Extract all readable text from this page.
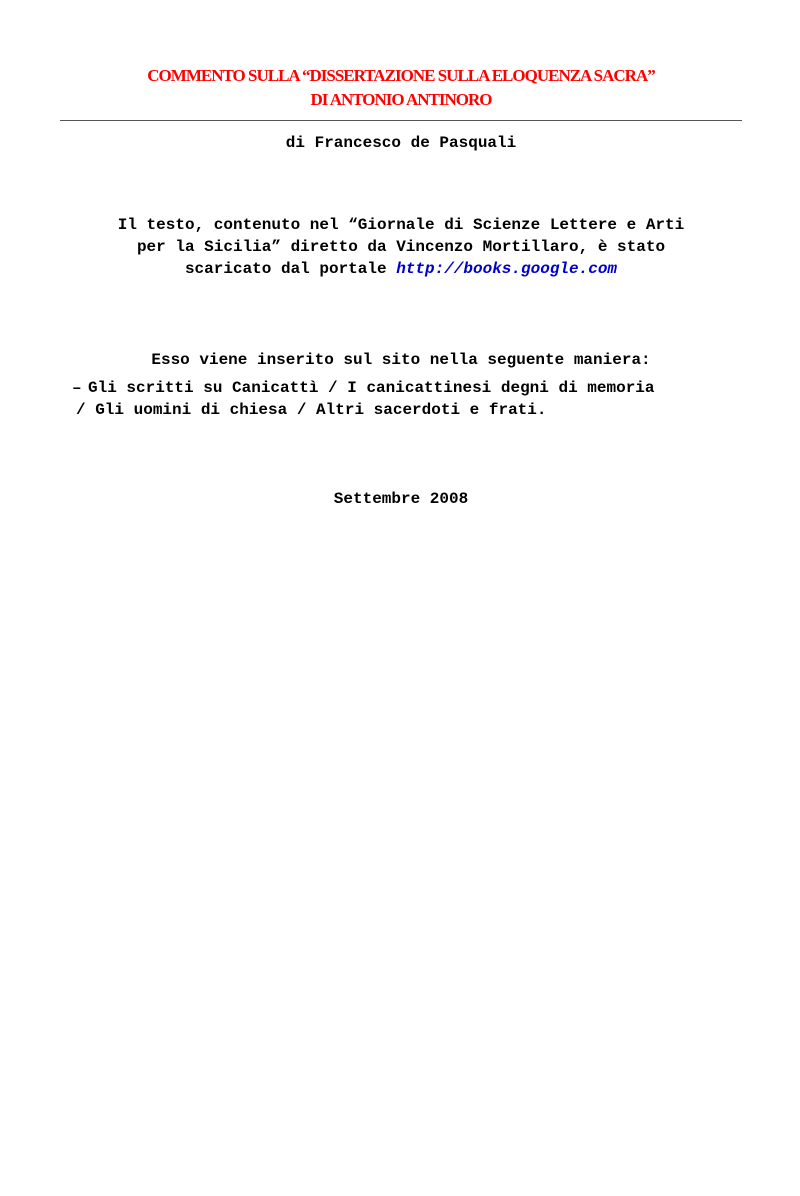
COMMENTO SULLA “DISSERTAZIONE SULLA ELOQUENZA SACRA”
DI ANTONIO ANTINORO
di Francesco de Pasquali
Il testo, contenuto nel “Giornale di Scienze Lettere e Arti
per la Sicilia” diretto da Vincenzo Mortillaro, è stato
scaricato dal portale http://books.google.com
Esso viene inserito sul sito nella seguente maniera:
– Gli scritti su Canicattì / I canicattinesi degni di memoria
/ Gli uomini di chiesa / Altri sacerdoti e frati.
Settembre 2008
